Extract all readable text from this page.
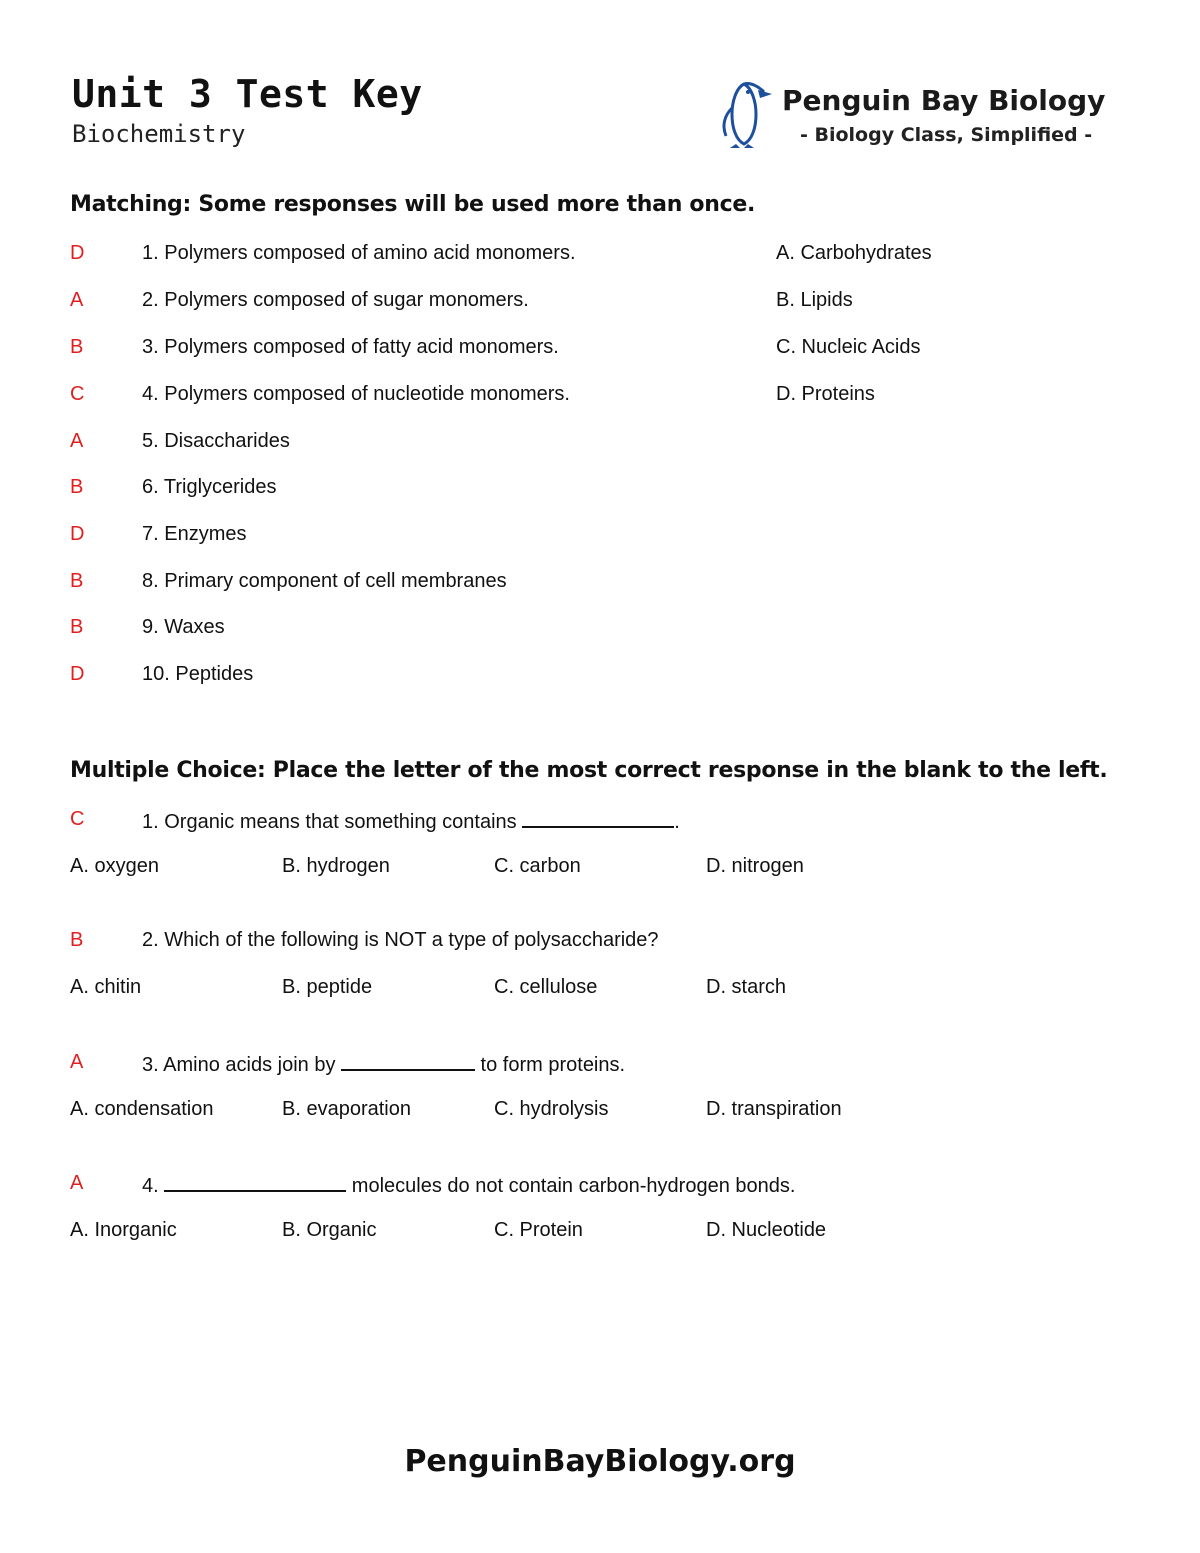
Unit 3 Test Key
Biochemistry
Penguin Bay Biology
- Biology Class, Simplified -
Matching: Some responses will be used more than once.
D	1. Polymers composed of amino acid monomers.
A	2. Polymers composed of sugar monomers.
B	3. Polymers composed of fatty acid monomers.
C	4. Polymers composed of nucleotide monomers.
A	5. Disaccharides
B	6. Triglycerides
D	7. Enzymes
B	8. Primary component of cell membranes
B	9. Waxes
D	10. Peptides
A. Carbohydrates
B. Lipids
C. Nucleic Acids
D. Proteins
Multiple Choice: Place the letter of the most correct response in the blank to the left.
C	1. Organic means that something contains	.
A. oxygen	B. hydrogen	C. carbon	D. nitrogen
B	2. Which of the following is NOT a type of polysaccharide?
A. chitin	B. peptide	C. cellulose	D. starch
A	3. Amino acids join by	to form proteins.
A. condensation	B. evaporation	C. hydrolysis	D. transpiration
A	4.	molecules do not contain carbon-hydrogen bonds.
A. Inorganic	B. Organic	C. Protein	D. Nucleotide
PenguinBayBiology.org
